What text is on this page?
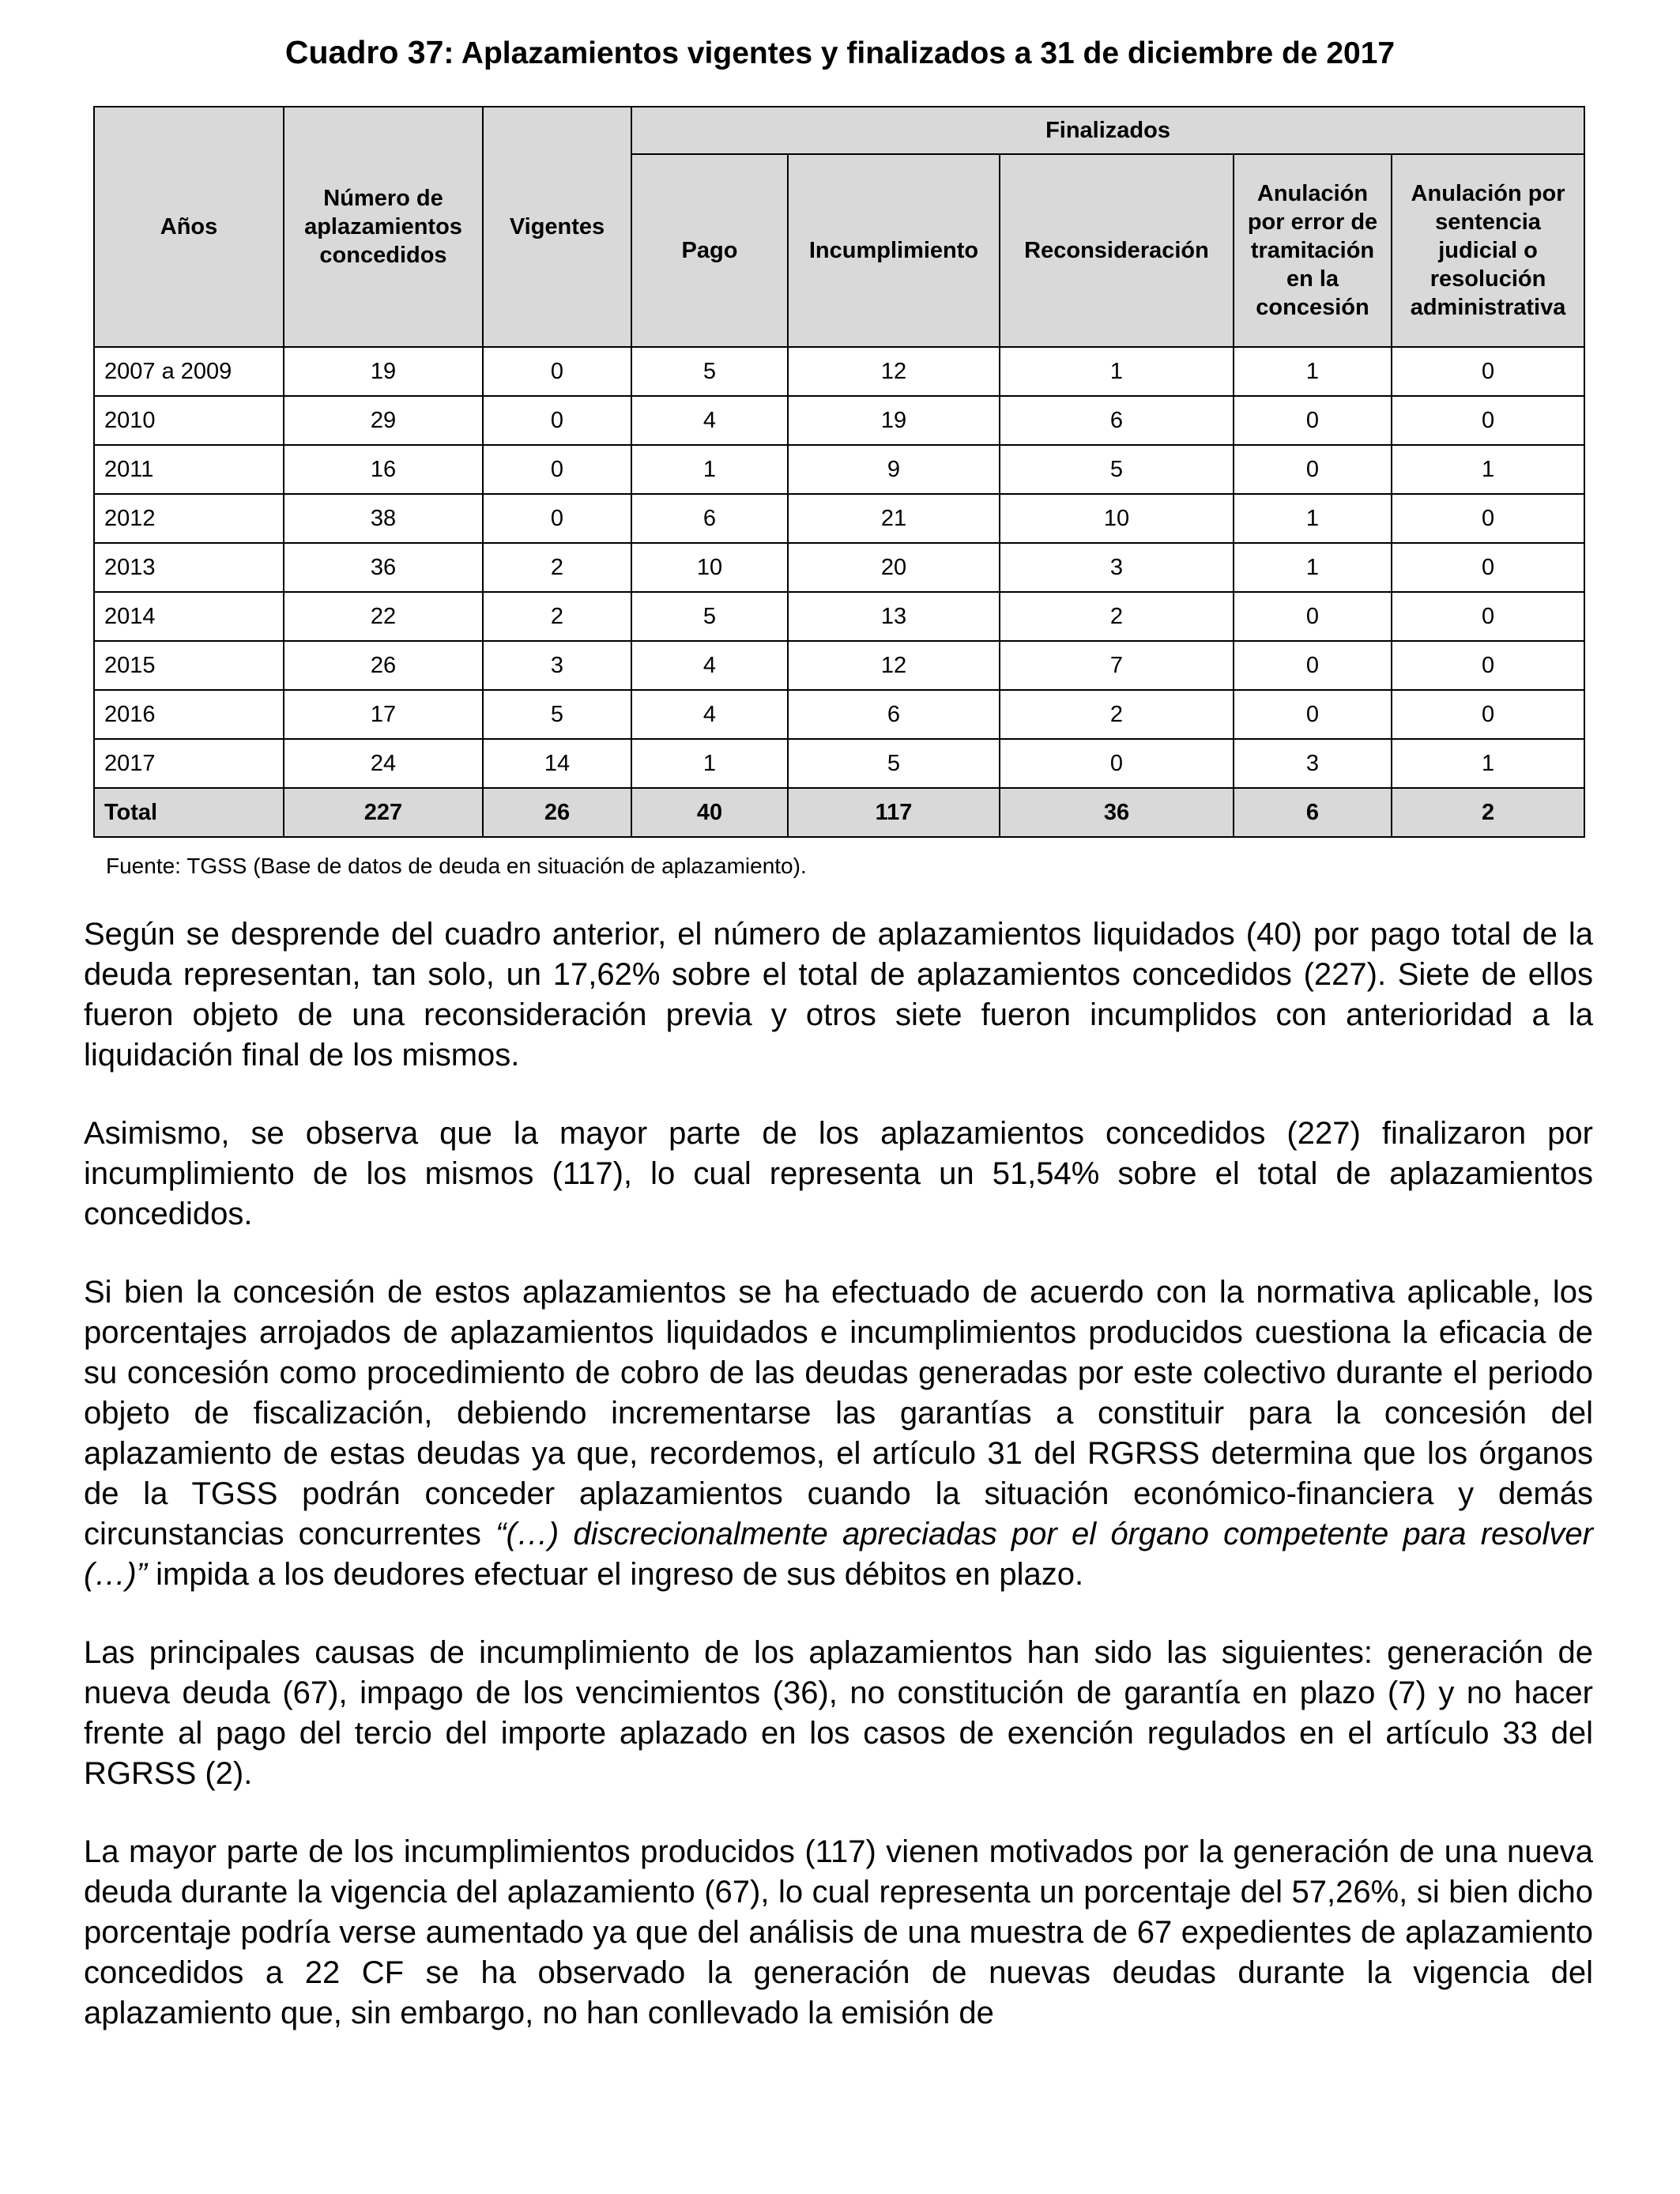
Cuadro 37: Aplazamientos vigentes y finalizados a 31 de diciembre de 2017
Años	Número de aplazamientos concedidos	Vigentes	Finalizados				
			Pago	Incumplimiento	Reconsideración	Anulación por error de tramitación en la concesión	Anulación por sentencia judicial o resolución administrativa
2007 a 2009	19	0	5	12	1	1	0
2010	29	0	4	19	6	0	0
2011	16	0	1	9	5	0	1
2012	38	0	6	21	10	1	0
2013	36	2	10	20	3	1	0
2014	22	2	5	13	2	0	0
2015	26	3	4	12	7	0	0
2016	17	5	4	6	2	0	0
2017	24	14	1	5	0	3	1
Total	227	26	40	117	36	6	2
Fuente: TGSS (Base de datos de deuda en situación de aplazamiento).

Según se desprende del cuadro anterior, el número de aplazamientos liquidados (40) por pago total de la deuda representan, tan solo, un 17,62% sobre el total de aplazamientos concedidos (227). Siete de ellos fueron objeto de una reconsideración previa y otros siete fueron incumplidos con anterioridad a la liquidación final de los mismos.

Asimismo, se observa que la mayor parte de los aplazamientos concedidos (227) finalizaron por incumplimiento de los mismos (117), lo cual representa un 51,54% sobre el total de aplazamientos concedidos.

Si bien la concesión de estos aplazamientos se ha efectuado de acuerdo con la normativa aplicable, los porcentajes arrojados de aplazamientos liquidados e incumplimientos producidos cuestiona la eficacia de su concesión como procedimiento de cobro de las deudas generadas por este colectivo durante el periodo objeto de fiscalización, debiendo incrementarse las garantías a constituir para la concesión del aplazamiento de estas deudas ya que, recordemos, el artículo 31 del RGRSS determina que los órganos de la TGSS podrán conceder aplazamientos cuando la situación económico-financiera y demás circunstancias concurrentes “(…) discrecionalmente apreciadas por el órgano competente para resolver (…)” impida a los deudores efectuar el ingreso de sus débitos en plazo.

Las principales causas de incumplimiento de los aplazamientos han sido las siguientes: generación de nueva deuda (67), impago de los vencimientos (36), no constitución de garantía en plazo (7) y no hacer frente al pago del tercio del importe aplazado en los casos de exención regulados en el artículo 33 del RGRSS (2).

La mayor parte de los incumplimientos producidos (117) vienen motivados por la generación de una nueva deuda durante la vigencia del aplazamiento (67), lo cual representa un porcentaje del 57,26%, si bien dicho porcentaje podría verse aumentado ya que del análisis de una muestra de 67 expedientes de aplazamiento concedidos a 22 CF se ha observado la generación de nuevas deudas durante la vigencia del aplazamiento que, sin embargo, no han conllevado la emisión de
